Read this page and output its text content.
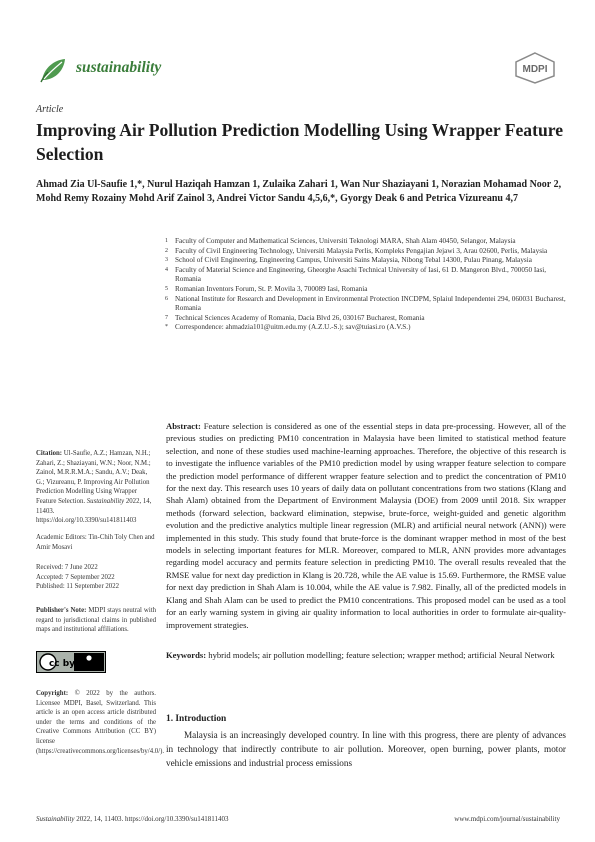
sustainability	MDPI
Article
Improving Air Pollution Prediction Modelling Using Wrapper Feature Selection
Ahmad Zia Ul-Saufie 1,*, Nurul Haziqah Hamzan 1, Zulaika Zahari 1, Wan Nur Shaziayani 1, Norazian Mohamad Noor 2, Mohd Remy Rozainy Mohd Arif Zainol 3, Andrei Victor Sandu 4,5,6,*, Gyorgy Deak 6 and Petrica Vizureanu 4,7
1 Faculty of Computer and Mathematical Sciences, Universiti Teknologi MARA, Shah Alam 40450, Selangor, Malaysia
2 Faculty of Civil Engineering Technology, Universiti Malaysia Perlis, Kompleks Pengajian Jejawi 3, Arau 02600, Perlis, Malaysia
3 School of Civil Engineering, Engineering Campus, Universiti Sains Malaysia, Nibong Tebal 14300, Pulau Pinang, Malaysia
4 Faculty of Material Science and Engineering, Gheorghe Asachi Technical University of Iasi, 61 D. Mangeron Blvd., 700050 Iasi, Romania
5 Romanian Inventors Forum, St. P. Movila 3, 700089 Iasi, Romania
6 National Institute for Research and Development in Environmental Protection INCDPM, Splaiul Independentei 294, 060031 Bucharest, Romania
7 Technical Sciences Academy of Romania, Dacia Blvd 26, 030167 Bucharest, Romania
* Correspondence: ahmadzia101@uitm.edu.my (A.Z.U.-S.); sav@tuiasi.ro (A.V.S.)

Citation: Ul-Saufie, A.Z.; Hamzan, N.H.; Zahari, Z.; Shaziayani, W.N.; Noor, N.M.; Zainol, M.R.R.M.A.; Sandu, A.V.; Deak, G.; Vizureanu, P. Improving Air Pollution Prediction Modelling Using Wrapper Feature Selection. Sustainability 2022, 14, 11403. https://doi.org/10.3390/su141811403

Academic Editors: Tin-Chih Toly Chen and Amir Mosavi

Received: 7 June 2022

Accepted: 7 September 2022

Published: 11 September 2022

Publisher's Note: MDPI stays neutral with regard to jurisdictional claims in published maps and institutional affiliations.

cc by

Copyright: © 2022 by the authors. Licensee MDPI, Basel, Switzerland. This article is an open access article distributed under the terms and conditions of the Creative Commons Attribution (CC BY) license (https://creativecommons.org/licenses/by/4.0/).

Abstract: Feature selection is considered as one of the essential steps in data pre-processing. However, all of the previous studies on predicting PM10 concentration in Malaysia have been limited to statistical method feature selection, and none of these studies used machine-learning approaches. Therefore, the objective of this research is to investigate the influence variables of the PM10 prediction model by using wrapper feature selection to compare the prediction model performance of different wrapper feature selection and to predict the concentration of PM10 for the next day. This research uses 10 years of daily data on pollutant concentrations from two stations (Klang and Shah Alam) obtained from the Department of Environment Malaysia (DOE) from 2009 until 2018. Six wrapper methods (forward selection, backward elimination, stepwise, brute-force, weight-guided and genetic algorithm evolution and the predictive analytics multiple linear regression (MLR) and artificial neural network (ANN)) were implemented in this study. This study found that brute-force is the dominant wrapper method in most of the best models in selecting important features for MLR. Moreover, compared to MLR, ANN provides more advantages regarding model accuracy and permits feature selection in predicting PM10. The overall results revealed that the RMSE value for next day prediction in Klang is 20.728, while the AE value is 15.69. Furthermore, the RMSE value for next day prediction in Shah Alam is 10.004, while the AE value is 7.982. Finally, all of the predicted models in Klang and Shah Alam can be used to predict the PM10 concentrations. This proposed model can be used as a tool for an early warning system in giving air quality information to local authorities in order to formulate air-quality-improvement strategies.
Keywords: hybrid models; air pollution modelling; feature selection; wrapper method; artificial Neural Network
1. Introduction
Malaysia is an increasingly developed country. In line with this progress, there are plenty of advances in technology that indirectly contribute to air pollution. Moreover, open burning, power plants, motor vehicle emissions and industrial process emissions
Sustainability 2022, 14, 11403. https://doi.org/10.3390/su141811403	www.mdpi.com/journal/sustainability
